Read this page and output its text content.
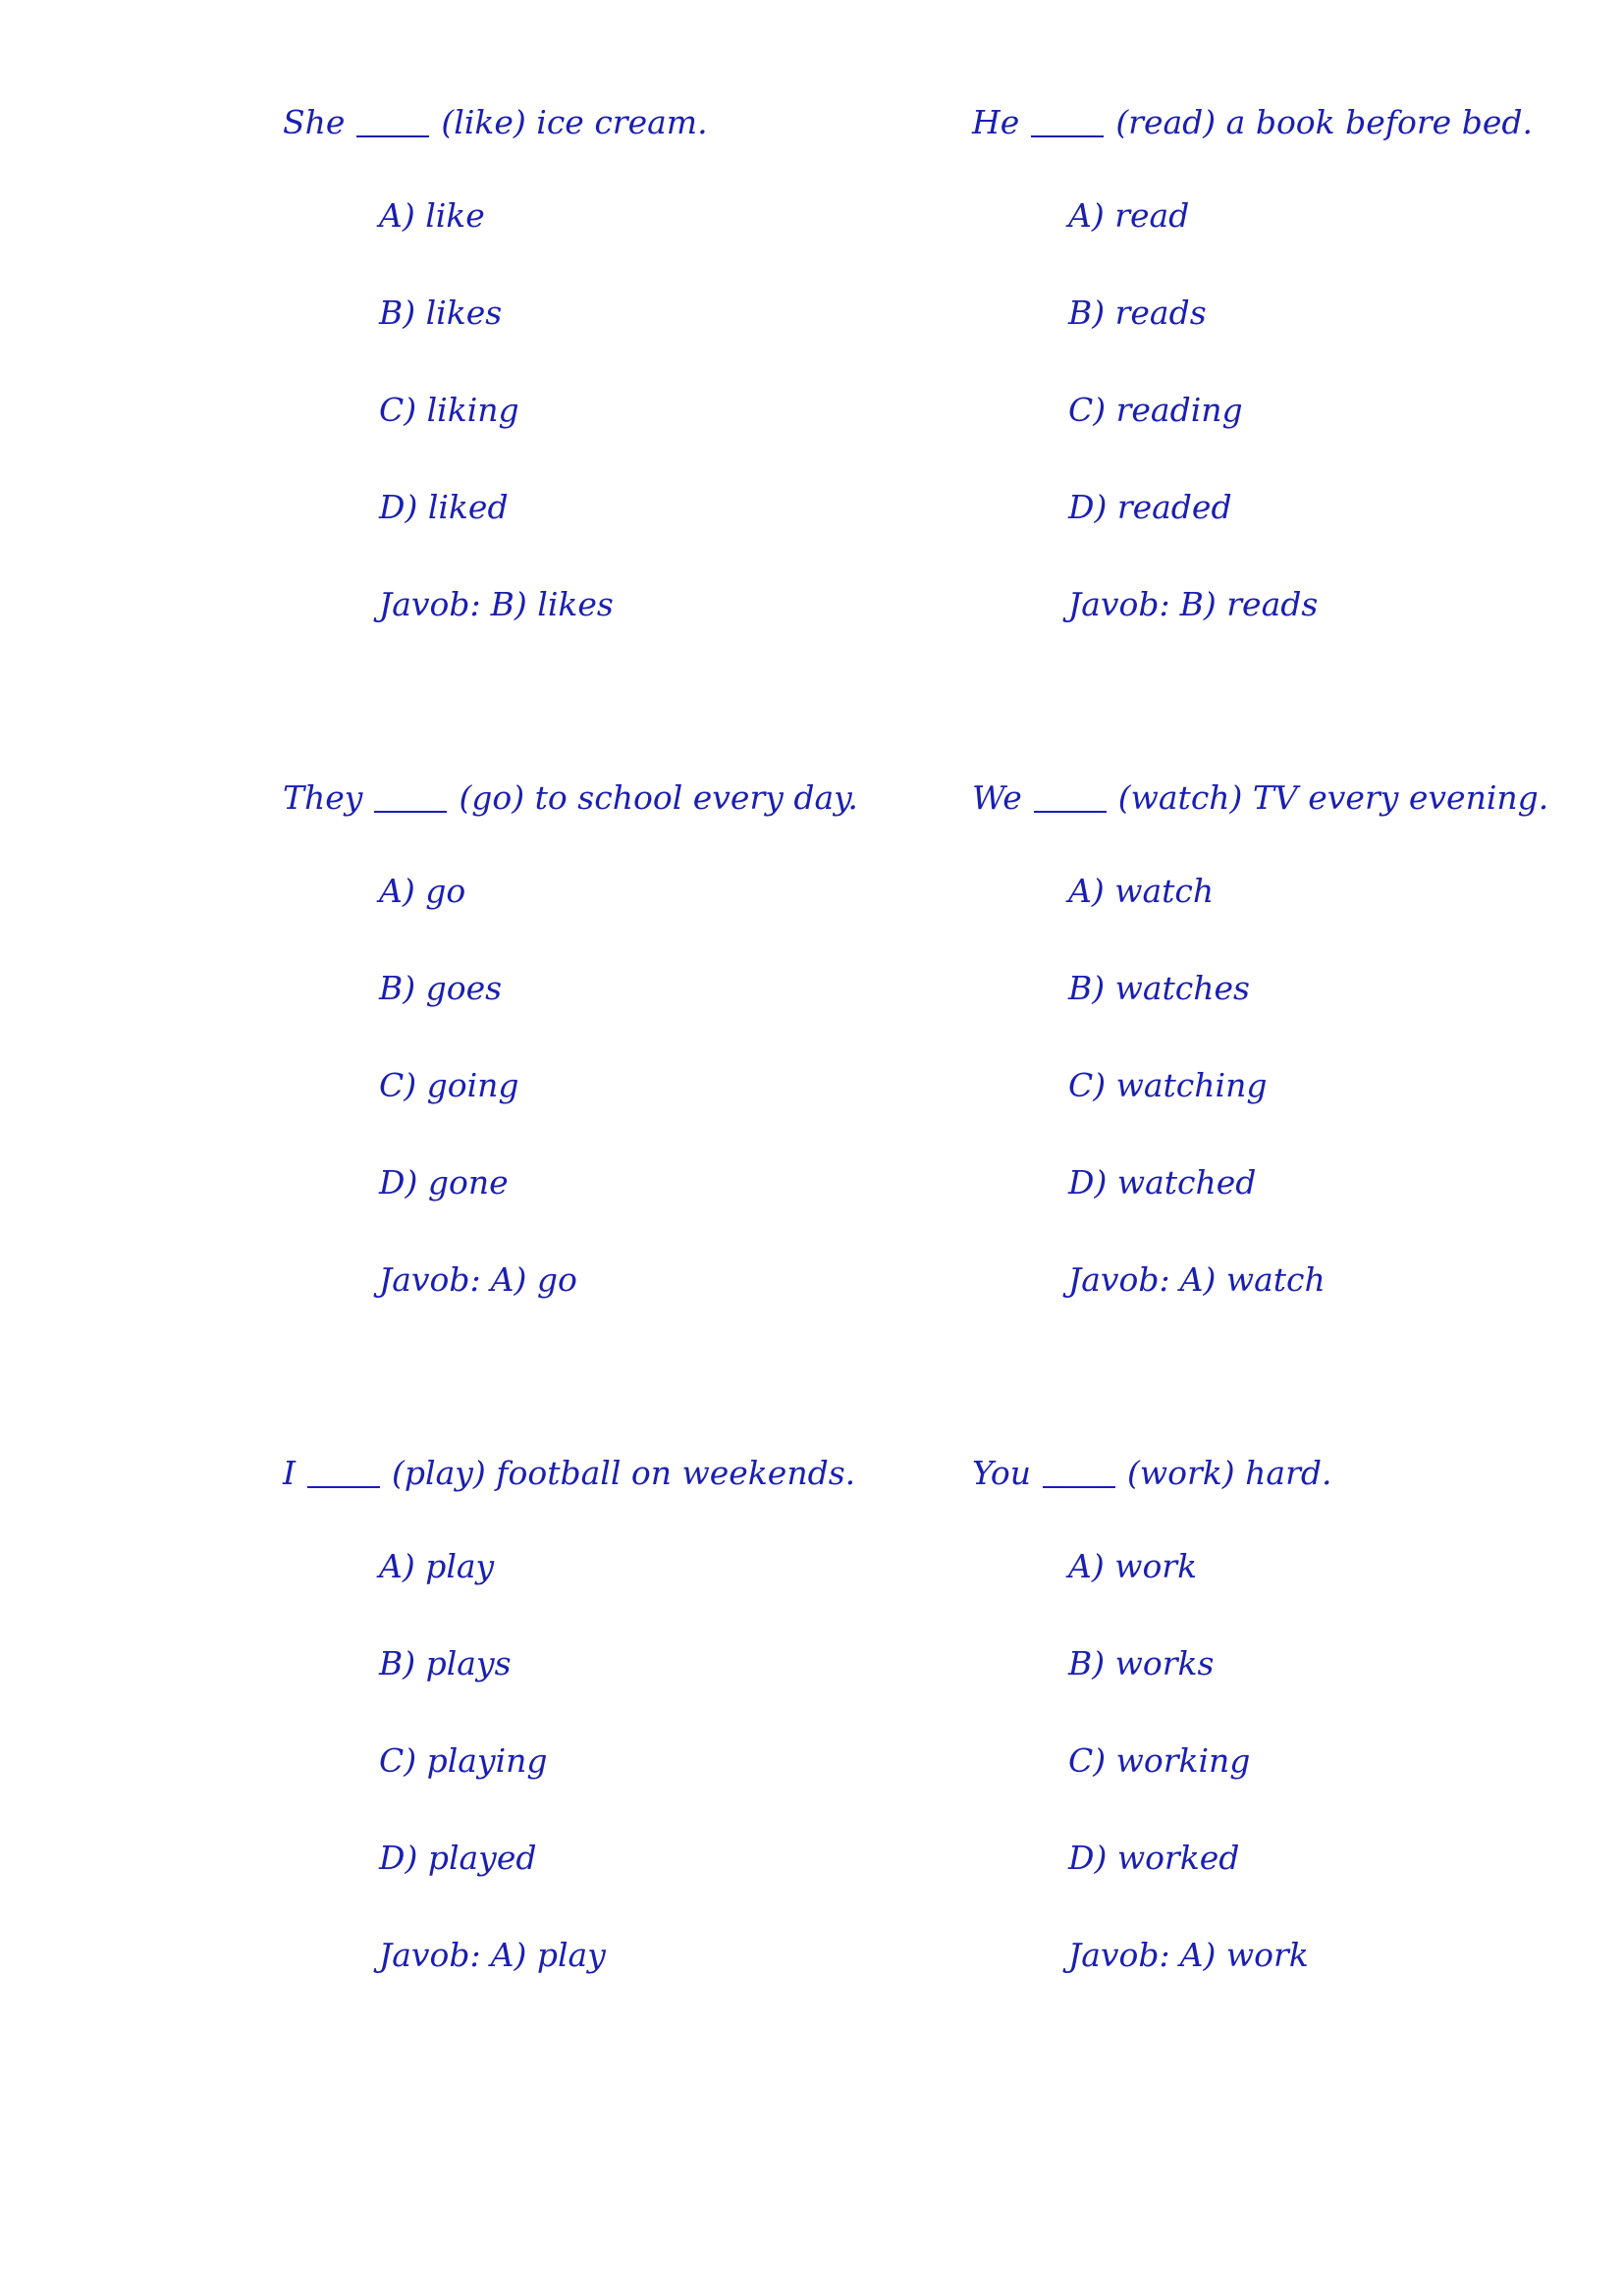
She	(like) ice cream.
A) like
B) likes
C) liking
D) liked
Javob: B) likes
He	(read) a book before bed.
A) read
B) reads
C) reading
D) readed
Javob: B) reads
They	(go) to school every day.
A) go
B) goes
C) going
D) gone
Javob: A) go
We	(watch) TV every evening.
A) watch
B) watches
C) watching
D) watched
Javob: A) watch
I	(play) football on weekends.
A) play
B) plays
C) playing
D) played
Javob: A) play
You	(work) hard.
A) work
B) works
C) working
D) worked
Javob: A) work
